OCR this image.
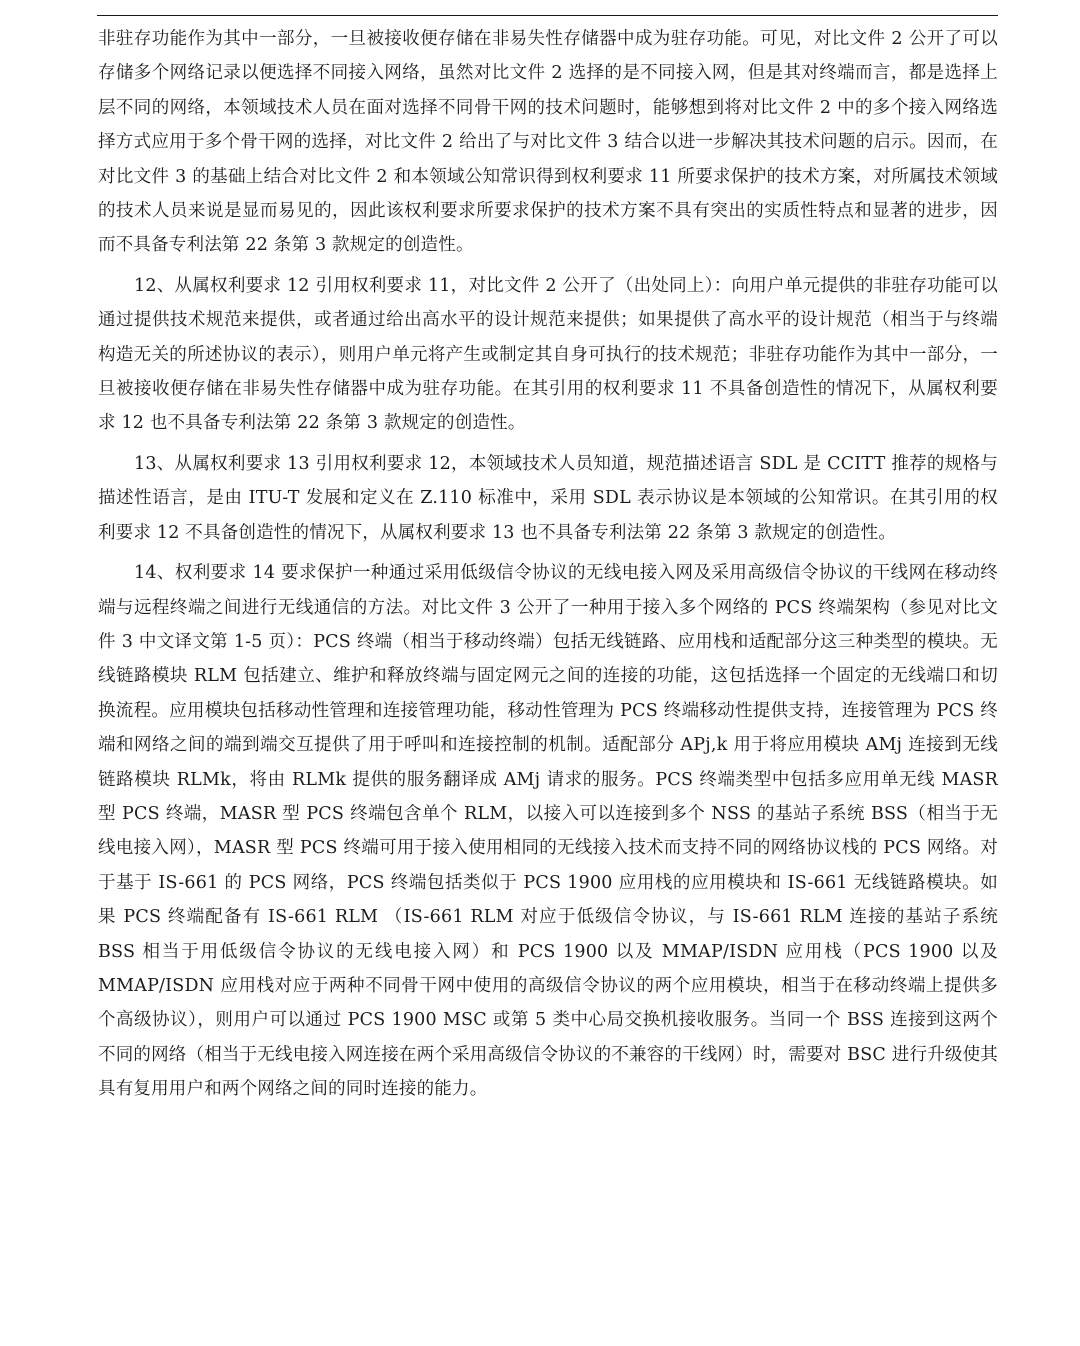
非驻存功能作为其中一部分，一旦被接收便存储在非易失性存储器中成为驻存功能。可见，对比文件 2 公开了可以存储多个网络记录以便选择不同接入网络，虽然对比文件 2 选择的是不同接入网，但是其对终端而言，都是选择上层不同的网络，本领域技术人员在面对选择不同骨干网的技术问题时，能够想到将对比文件 2 中的多个接入网络选择方式应用于多个骨干网的选择，对比文件 2 给出了与对比文件 3 结合以进一步解决其技术问题的启示。因而，在对比文件 3 的基础上结合对比文件 2 和本领域公知常识得到权利要求 11 所要求保护的技术方案，对所属技术领域的技术人员来说是显而易见的，因此该权利要求所要求保护的技术方案不具有突出的实质性特点和显著的进步，因而不具备专利法第 22 条第 3 款规定的创造性。

12、从属权利要求 12 引用权利要求 11，对比文件 2 公开了（出处同上）：向用户单元提供的非驻存功能可以通过提供技术规范来提供，或者通过给出高水平的设计规范来提供；如果提供了高水平的设计规范（相当于与终端构造无关的所述协议的表示），则用户单元将产生或制定其自身可执行的技术规范；非驻存功能作为其中一部分，一旦被接收便存储在非易失性存储器中成为驻存功能。在其引用的权利要求 11 不具备创造性的情况下，从属权利要求 12 也不具备专利法第 22 条第 3 款规定的创造性。

13、从属权利要求 13 引用权利要求 12，本领域技术人员知道，规范描述语言 SDL 是 CCITT 推荐的规格与描述性语言，是由 ITU-T 发展和定义在 Z.110 标准中，采用 SDL 表示协议是本领域的公知常识。在其引用的权利要求 12 不具备创造性的情况下，从属权利要求 13 也不具备专利法第 22 条第 3 款规定的创造性。

14、权利要求 14 要求保护一种通过采用低级信令协议的无线电接入网及采用高级信令协议的干线网在移动终端与远程终端之间进行无线通信的方法。对比文件 3 公开了一种用于接入多个网络的 PCS 终端架构（参见对比文件 3 中文译文第 1-5 页）：PCS 终端（相当于移动终端）包括无线链路、应用栈和适配部分这三种类型的模块。无线链路模块 RLM 包括建立、维护和释放终端与固定网元之间的连接的功能，这包括选择一个固定的无线端口和切换流程。应用模块包括移动性管理和连接管理功能，移动性管理为 PCS 终端移动性提供支持，连接管理为 PCS 终端和网络之间的端到端交互提供了用于呼叫和连接控制的机制。适配部分 APj,k 用于将应用模块 AMj 连接到无线链路模块 RLMk，将由 RLMk 提供的服务翻译成 AMj 请求的服务。PCS 终端类型中包括多应用单无线 MASR 型 PCS 终端，MASR 型 PCS 终端包含单个 RLM，以接入可以连接到多个 NSS 的基站子系统 BSS（相当于无线电接入网），MASR 型 PCS 终端可用于接入使用相同的无线接入技术而支持不同的网络协议栈的 PCS 网络。对于基于 IS-661 的 PCS 网络，PCS 终端包括类似于 PCS 1900 应用栈的应用模块和 IS-661 无线链路模块。如果 PCS 终端配备有 IS-661 RLM （IS-661 RLM 对应于低级信令协议，与 IS-661 RLM 连接的基站子系统 BSS 相当于用低级信令协议的无线电接入网）和 PCS 1900 以及 MMAP/ISDN 应用栈（PCS 1900 以及 MMAP/ISDN 应用栈对应于两种不同骨干网中使用的高级信令协议的两个应用模块，相当于在移动终端上提供多个高级协议），则用户可以通过 PCS 1900 MSC 或第 5 类中心局交换机接收服务。当同一个 BSS 连接到这两个不同的网络（相当于无线电接入网连接在两个采用高级信令协议的不兼容的干线网）时，需要对 BSC 进行升级使其具有复用用户和两个网络之间的同时连接的能力。
